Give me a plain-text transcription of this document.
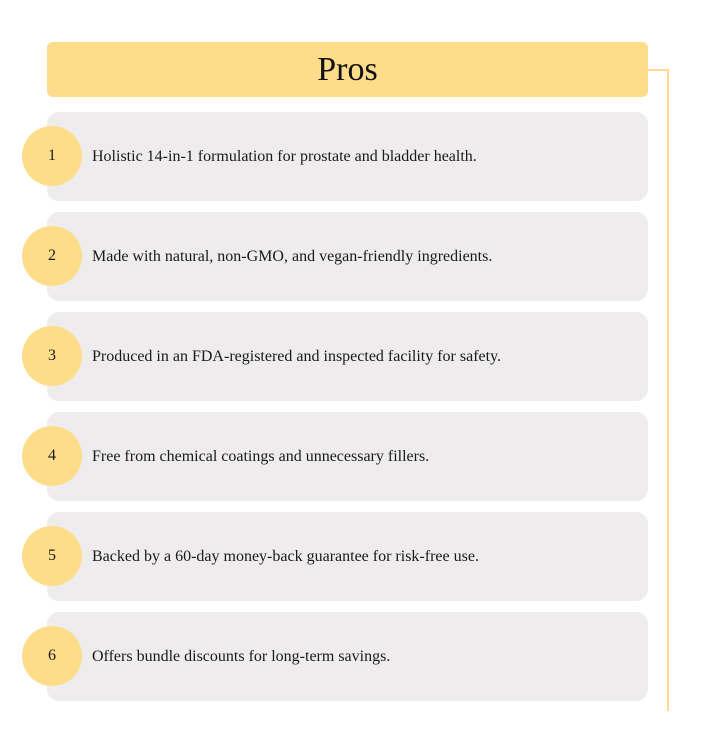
Pros
Holistic 14-in-1 formulation for prostate and bladder health.
1
Made with natural, non-GMO, and vegan-friendly ingredients.
2
Produced in an FDA-registered and inspected facility for safety.
3
Free from chemical coatings and unnecessary fillers.
4
Backed by a 60-day money-back guarantee for risk-free use.
5
Offers bundle discounts for long-term savings.
6
